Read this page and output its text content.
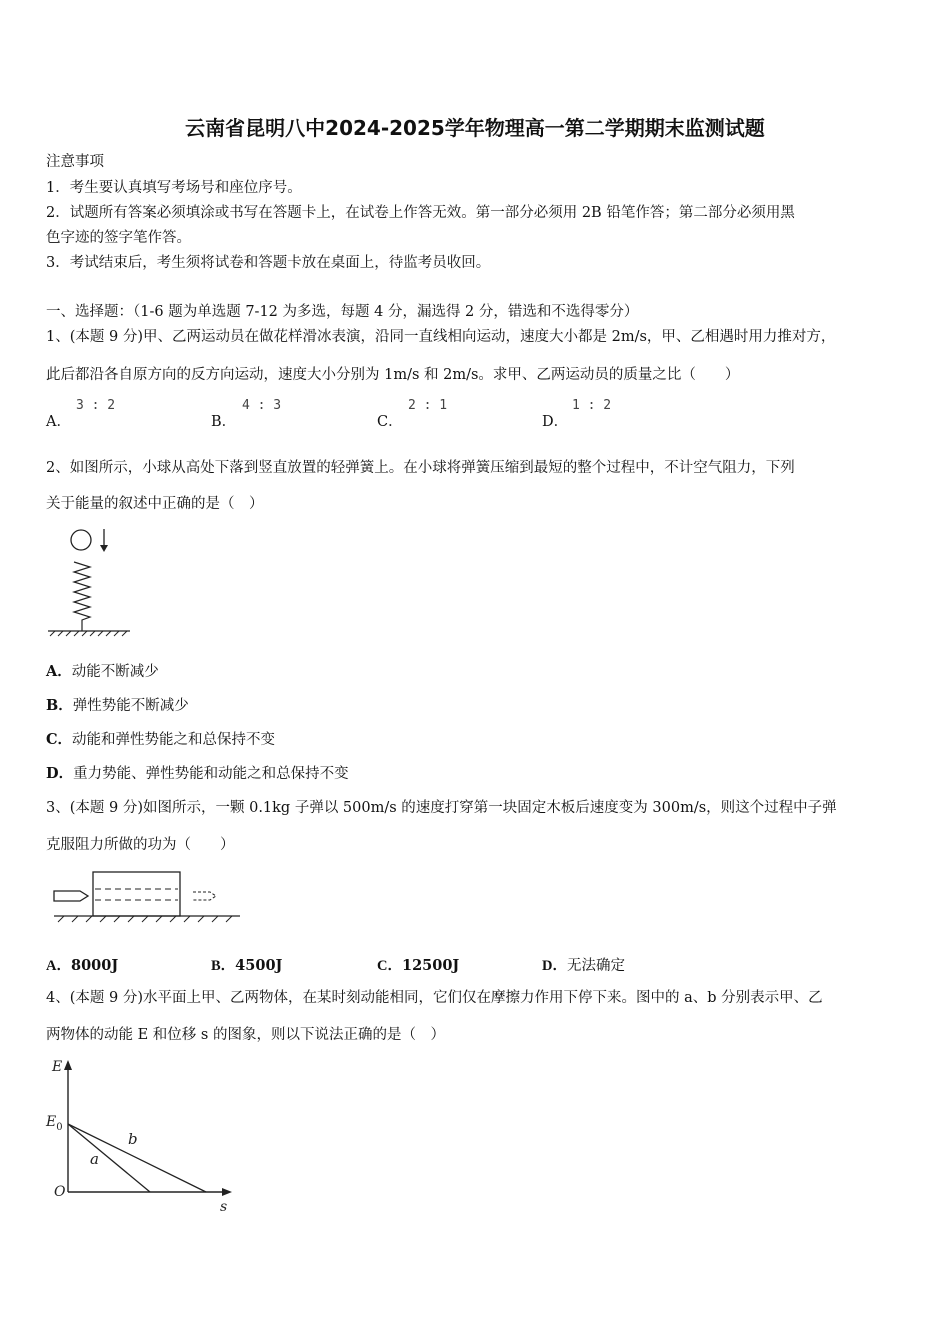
云南省昆明八中2024-2025学年物理高一第二学期期末监测试题
注意事项
1．考生要认真填写考场号和座位序号。
2．试题所有答案必须填涂或书写在答题卡上，在试卷上作答无效。第一部分必须用 2B 铅笔作答；第二部分必须用黑
色字迹的签字笔作答。
3．考试结束后，考生须将试卷和答题卡放在桌面上，待监考员收回。
一、选择题：（1-6 题为单选题 7-12 为多选，每题 4 分，漏选得 2 分，错选和不选得零分）
1、(本题 9 分)甲、乙两运动员在做花样滑冰表演，沿同一直线相向运动，速度大小都是 2m/s，甲、乙相遇时用力推对方，
此后都沿各自原方向的反方向运动，速度大小分别为 1m/s 和 2m/s。求甲、乙两运动员的质量之比（　　）
A．
3 : 2
B．
4 : 3
C．
2 : 1
D．
1 : 2
2、如图所示，小球从高处下落到竖直放置的轻弹簧上。在小球将弹簧压缩到最短的整个过程中，不计空气阻力，下列
关于能量的叙述中正确的是（　）
A．动能不断减少
B．弹性势能不断减少
C．动能和弹性势能之和总保持不变
D．重力势能、弹性势能和动能之和总保持不变
3、(本题 9 分)如图所示，一颗 0.1kg 子弹以 500m/s 的速度打穿第一块固定木板后速度变为 300m/s，则这个过程中子弹
克服阻力所做的功为（　　）
A．8000J	B．4500J	C．12500J	D．无法确定
4、(本题 9 分)水平面上甲、乙两物体，在某时刻动能相同，它们仅在摩擦力作用下停下来。图中的 a、b 分别表示甲、乙
两物体的动能 E 和位移 s 的图象，则以下说法正确的是（　）
E
$E_0$
O
s
a
b
